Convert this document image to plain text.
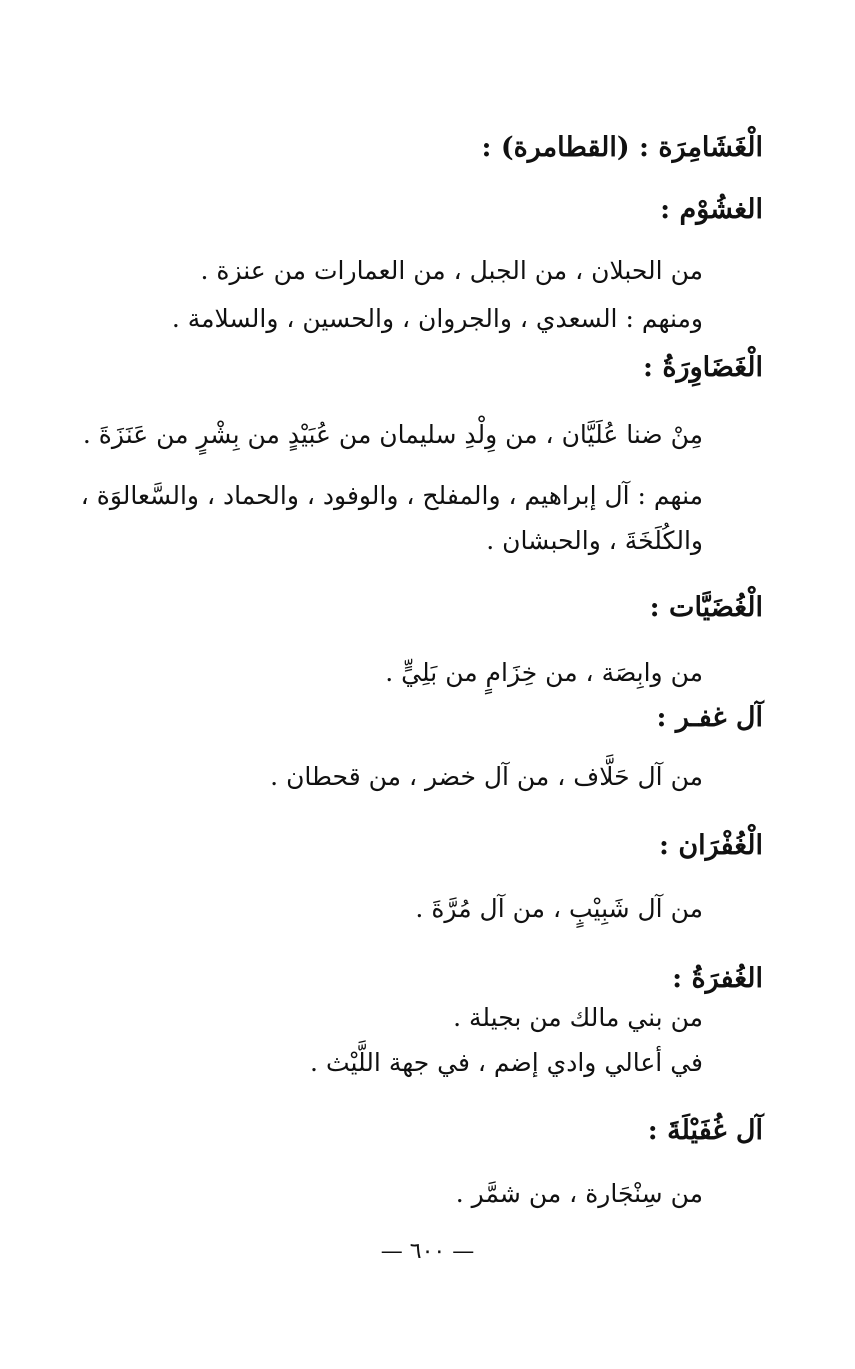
الْغَشَامِرَة : (القطامرة) :
الغشُوْم :
من الحبلان ، من الجبل ، من العمارات من عنزة .
ومنهم : السعدي ، والجروان ، والحسين ، والسلامة .
الْغَضَاوِرَةُ :
مِنْ ضنا عُلَيَّان ، من وِلْدِ سليمان من عُبَيْدٍ من بِشْرٍ من عَنَزَةَ .
منهم : آل إبراهيم ، والمفلح ، والوفود ، والحماد ، والسَّعالوَة ،
والكُلَخَةَ ، والحبشان .
الْغُضَيَّات :
من وابِصَة ، من خِزَامٍ من بَلِيٍّ .
آل غفـر :
من آل حَلَّاف ، من آل خضر ، من قحطان .
الْغُفْرَان :
من آل شَبِيْبٍ ، من آل مُرَّةَ .
الغُفرَةُ :
من بني مالك من بجيلة .
في أعالي وادي إضم ، في جهة اللَّيْث .
آل غُفَيْلَةَ :
من سِنْجَارة ، من شمَّر .
— ٦٠٠ —
